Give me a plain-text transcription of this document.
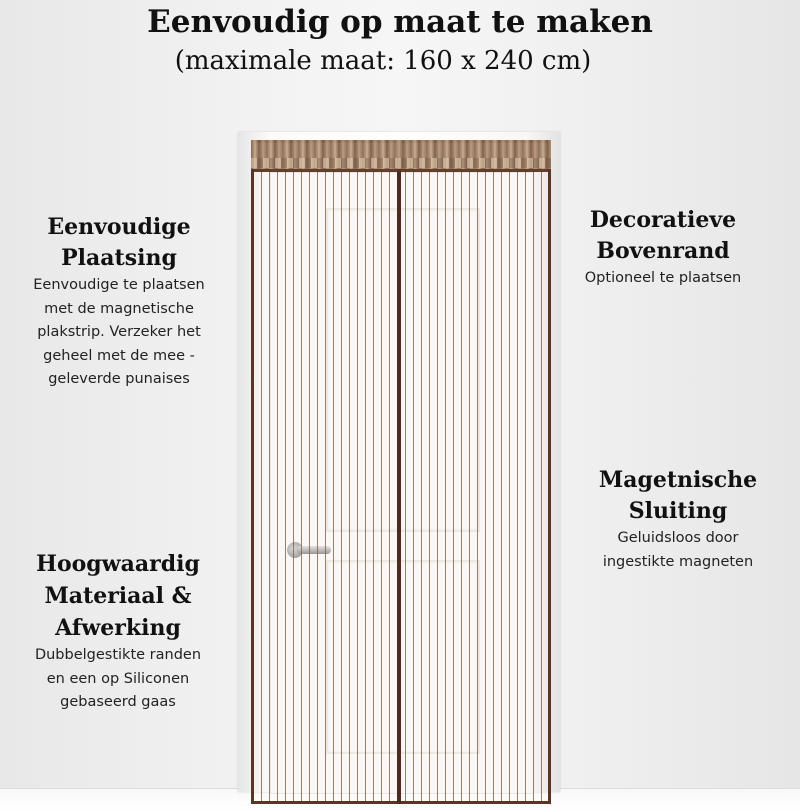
Eenvoudig op maat te maken
(maximale maat: 160 x 240 cm)
Eenvoudige
Plaatsing
Eenvoudige te plaatsen
met de magnetische
plakstrip. Verzeker het
geheel met de mee -
geleverde punaises
Decoratieve
Bovenrand
Optioneel te plaatsen
Magetnische
Sluiting
Geluidsloos door
ingestikte magneten
Hoogwaardig
Materiaal &
Afwerking
Dubbelgestikte randen
en een op Siliconen
gebaseerd gaas
